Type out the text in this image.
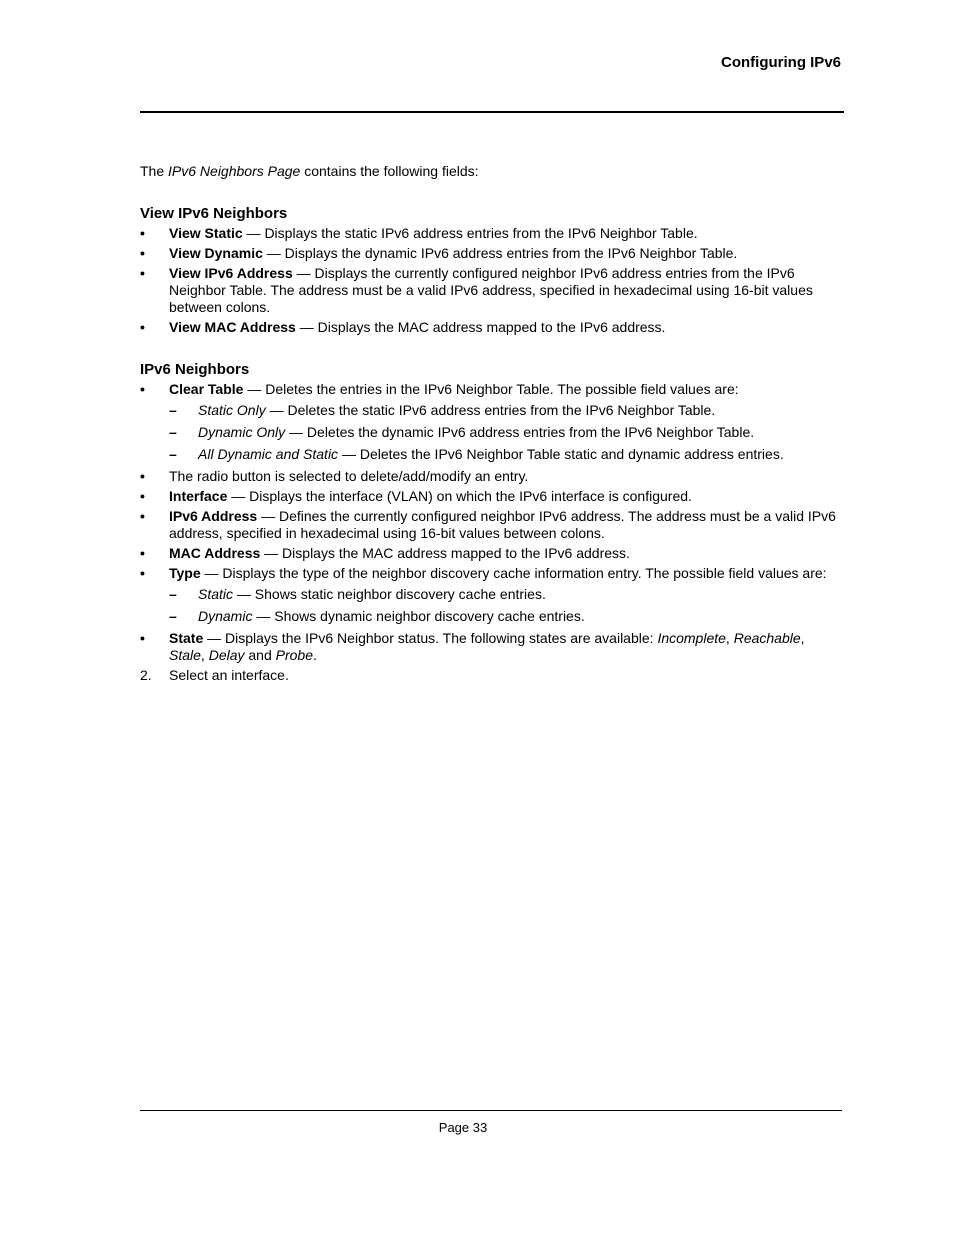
Configuring IPv6

The IPv6 Neighbors Page contains the following fields:

View IPv6 Neighbors
• View Static — Displays the static IPv6 address entries from the IPv6 Neighbor Table.
• View Dynamic — Displays the dynamic IPv6 address entries from the IPv6 Neighbor Table.
• View IPv6 Address — Displays the currently configured neighbor IPv6 address entries from the IPv6 Neighbor Table. The address must be a valid IPv6 address, specified in hexadecimal using 16-bit values between colons.
• View MAC Address — Displays the MAC address mapped to the IPv6 address.
IPv6 Neighbors
• Clear Table — Deletes the entries in the IPv6 Neighbor Table. The possible field values are:
– Static Only — Deletes the static IPv6 address entries from the IPv6 Neighbor Table.
– Dynamic Only — Deletes the dynamic IPv6 address entries from the IPv6 Neighbor Table.
– All Dynamic and Static — Deletes the IPv6 Neighbor Table static and dynamic address entries.
• The radio button is selected to delete/add/modify an entry.
• Interface — Displays the interface (VLAN) on which the IPv6 interface is configured.
• IPv6 Address — Defines the currently configured neighbor IPv6 address. The address must be a valid IPv6 address, specified in hexadecimal using 16-bit values between colons.
• MAC Address — Displays the MAC address mapped to the IPv6 address.
• Type — Displays the type of the neighbor discovery cache information entry. The possible field values are:
– Static — Shows static neighbor discovery cache entries.
– Dynamic — Shows dynamic neighbor discovery cache entries.
• State — Displays the IPv6 Neighbor status. The following states are available: Incomplete, Reachable, Stale, Delay and Probe.
2. Select an interface.
Page 33
